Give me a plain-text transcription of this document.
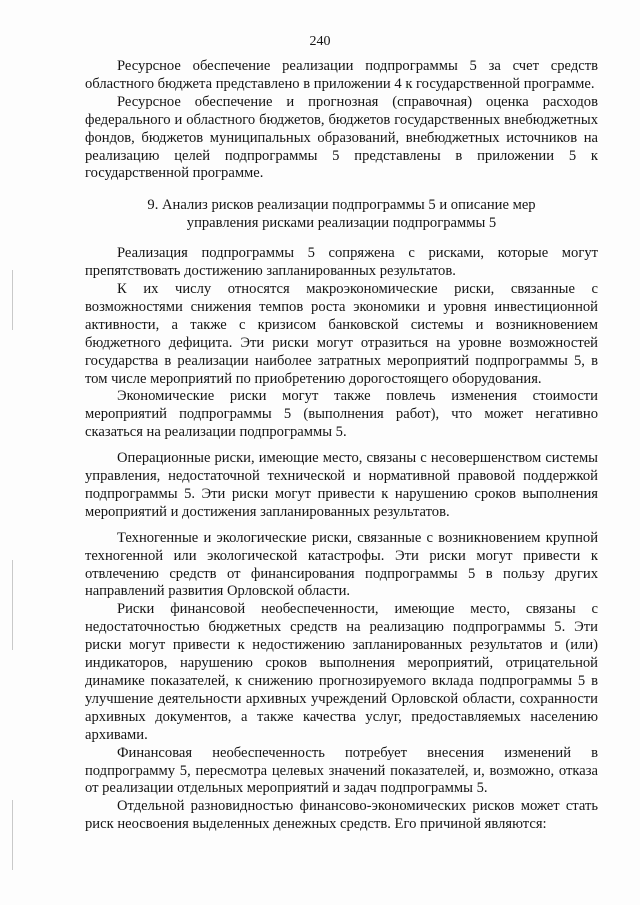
240

Ресурсное обеспечение реализации подпрограммы 5 за счет средств областного бюджета представлено в приложении 4 к государственной программе.

Ресурсное обеспечение и прогнозная (справочная) оценка расходов федерального и областного бюджетов, бюджетов государственных внебюджетных фондов, бюджетов муниципальных образований, внебюджетных источников на реализацию целей подпрограммы 5 представлены в приложении 5 к государственной программе.

9. Анализ рисков реализации подпрограммы 5 и описание мер
управления рисками реализации подпрограммы 5

Реализация подпрограммы 5 сопряжена с рисками, которые могут препятствовать достижению запланированных результатов.

К их числу относятся макроэкономические риски, связанные с возможностями снижения темпов роста экономики и уровня инвестиционной активности, а также с кризисом банковской системы и возникновением бюджетного дефицита. Эти риски могут отразиться на уровне возможностей государства в реализации наиболее затратных мероприятий подпрограммы 5, в том числе мероприятий по приобретению дорогостоящего оборудования.

Экономические риски могут также повлечь изменения стоимости мероприятий подпрограммы 5 (выполнения работ), что может негативно сказаться на реализации подпрограммы 5.

Операционные риски, имеющие место, связаны с несовершенством системы управления, недостаточной технической и нормативной правовой поддержкой подпрограммы 5. Эти риски могут привести к нарушению сроков выполнения мероприятий и достижения запланированных результатов.

Техногенные и экологические риски, связанные с возникновением крупной техногенной или экологической катастрофы. Эти риски могут привести к отвлечению средств от финансирования подпрограммы 5 в пользу других направлений развития Орловской области.

Риски финансовой необеспеченности, имеющие место, связаны с недостаточностью бюджетных средств на реализацию подпрограммы 5. Эти риски могут привести к недостижению запланированных результатов и (или) индикаторов, нарушению сроков выполнения мероприятий, отрицательной динамике показателей, к снижению прогнозируемого вклада подпрограммы 5 в улучшение деятельности архивных учреждений Орловской области, сохранности архивных документов, а также качества услуг, предоставляемых населению архивами.

Финансовая необеспеченность потребует внесения изменений в подпрограмму 5, пересмотра целевых значений показателей, и, возможно, отказа от реализации отдельных мероприятий и задач подпрограммы 5.

Отдельной разновидностью финансово-экономических рисков может стать риск неосвоения выделенных денежных средств. Его причиной являются:
